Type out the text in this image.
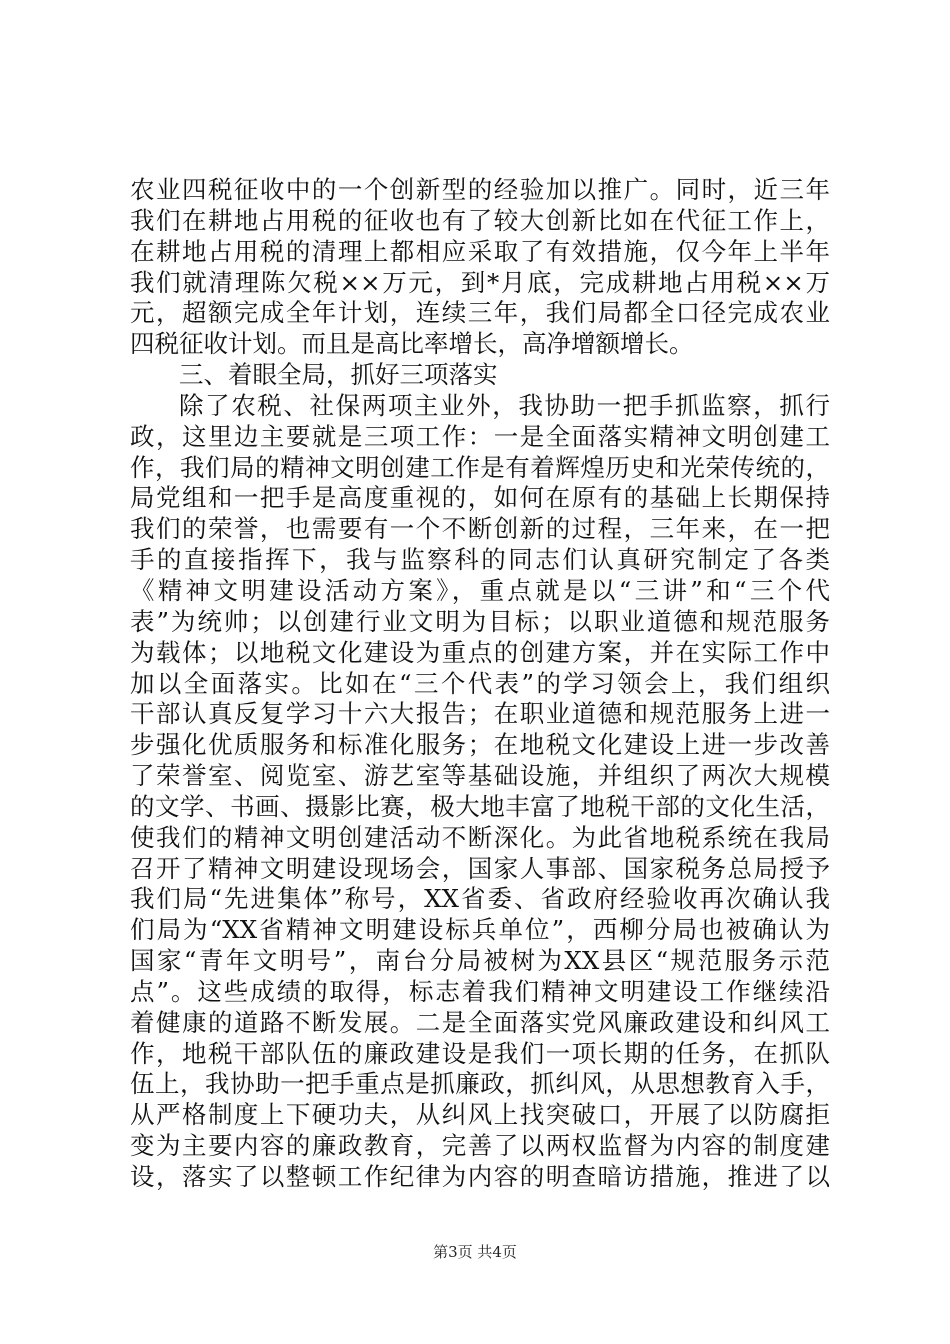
农业四税征收中的一个创新型的经验加以推广。同时，近三年
我们在耕地占用税的征收也有了较大创新比如在代征工作上，
在耕地占用税的清理上都相应采取了有效措施，仅今年上半年
我们就清理陈欠税××万元，到*月底，完成耕地占用税××万
元，超额完成全年计划，连续三年，我们局都全口径完成农业
四税征收计划。而且是高比率增长，高净增额增长。
三、着眼全局，抓好三项落实
除了农税、社保两项主业外，我协助一把手抓监察，抓行
政，这里边主要就是三项工作：一是全面落实精神文明创建工
作，我们局的精神文明创建工作是有着辉煌历史和光荣传统的，
局党组和一把手是高度重视的，如何在原有的基础上长期保持
我们的荣誉，也需要有一个不断创新的过程，三年来，在一把
手的直接指挥下，我与监察科的同志们认真研究制定了各类
《精神文明建设活动方案》，重点就是以“三讲”和“三个代
表”为统帅；以创建行业文明为目标；以职业道德和规范服务
为载体；以地税文化建设为重点的创建方案，并在实际工作中
加以全面落实。比如在“三个代表”的学习领会上，我们组织
干部认真反复学习十六大报告；在职业道德和规范服务上进一
步强化优质服务和标准化服务；在地税文化建设上进一步改善
了荣誉室、阅览室、游艺室等基础设施，并组织了两次大规模
的文学、书画、摄影比赛，极大地丰富了地税干部的文化生活，
使我们的精神文明创建活动不断深化。为此省地税系统在我局
召开了精神文明建设现场会，国家人事部、国家税务总局授予
我们局“先进集体”称号，XX省委、省政府经验收再次确认我
们局为“XX省精神文明建设标兵单位”，西柳分局也被确认为
国家“青年文明号”，南台分局被树为XX县区“规范服务示范
点”。这些成绩的取得，标志着我们精神文明建设工作继续沿
着健康的道路不断发展。二是全面落实党风廉政建设和纠风工
作，地税干部队伍的廉政建设是我们一项长期的任务，在抓队
伍上，我协助一把手重点是抓廉政，抓纠风，从思想教育入手，
从严格制度上下硬功夫，从纠风上找突破口，开展了以防腐拒
变为主要内容的廉政教育，完善了以两权监督为内容的制度建
设，落实了以整顿工作纪律为内容的明查暗访措施，推进了以
第3页 共4页
